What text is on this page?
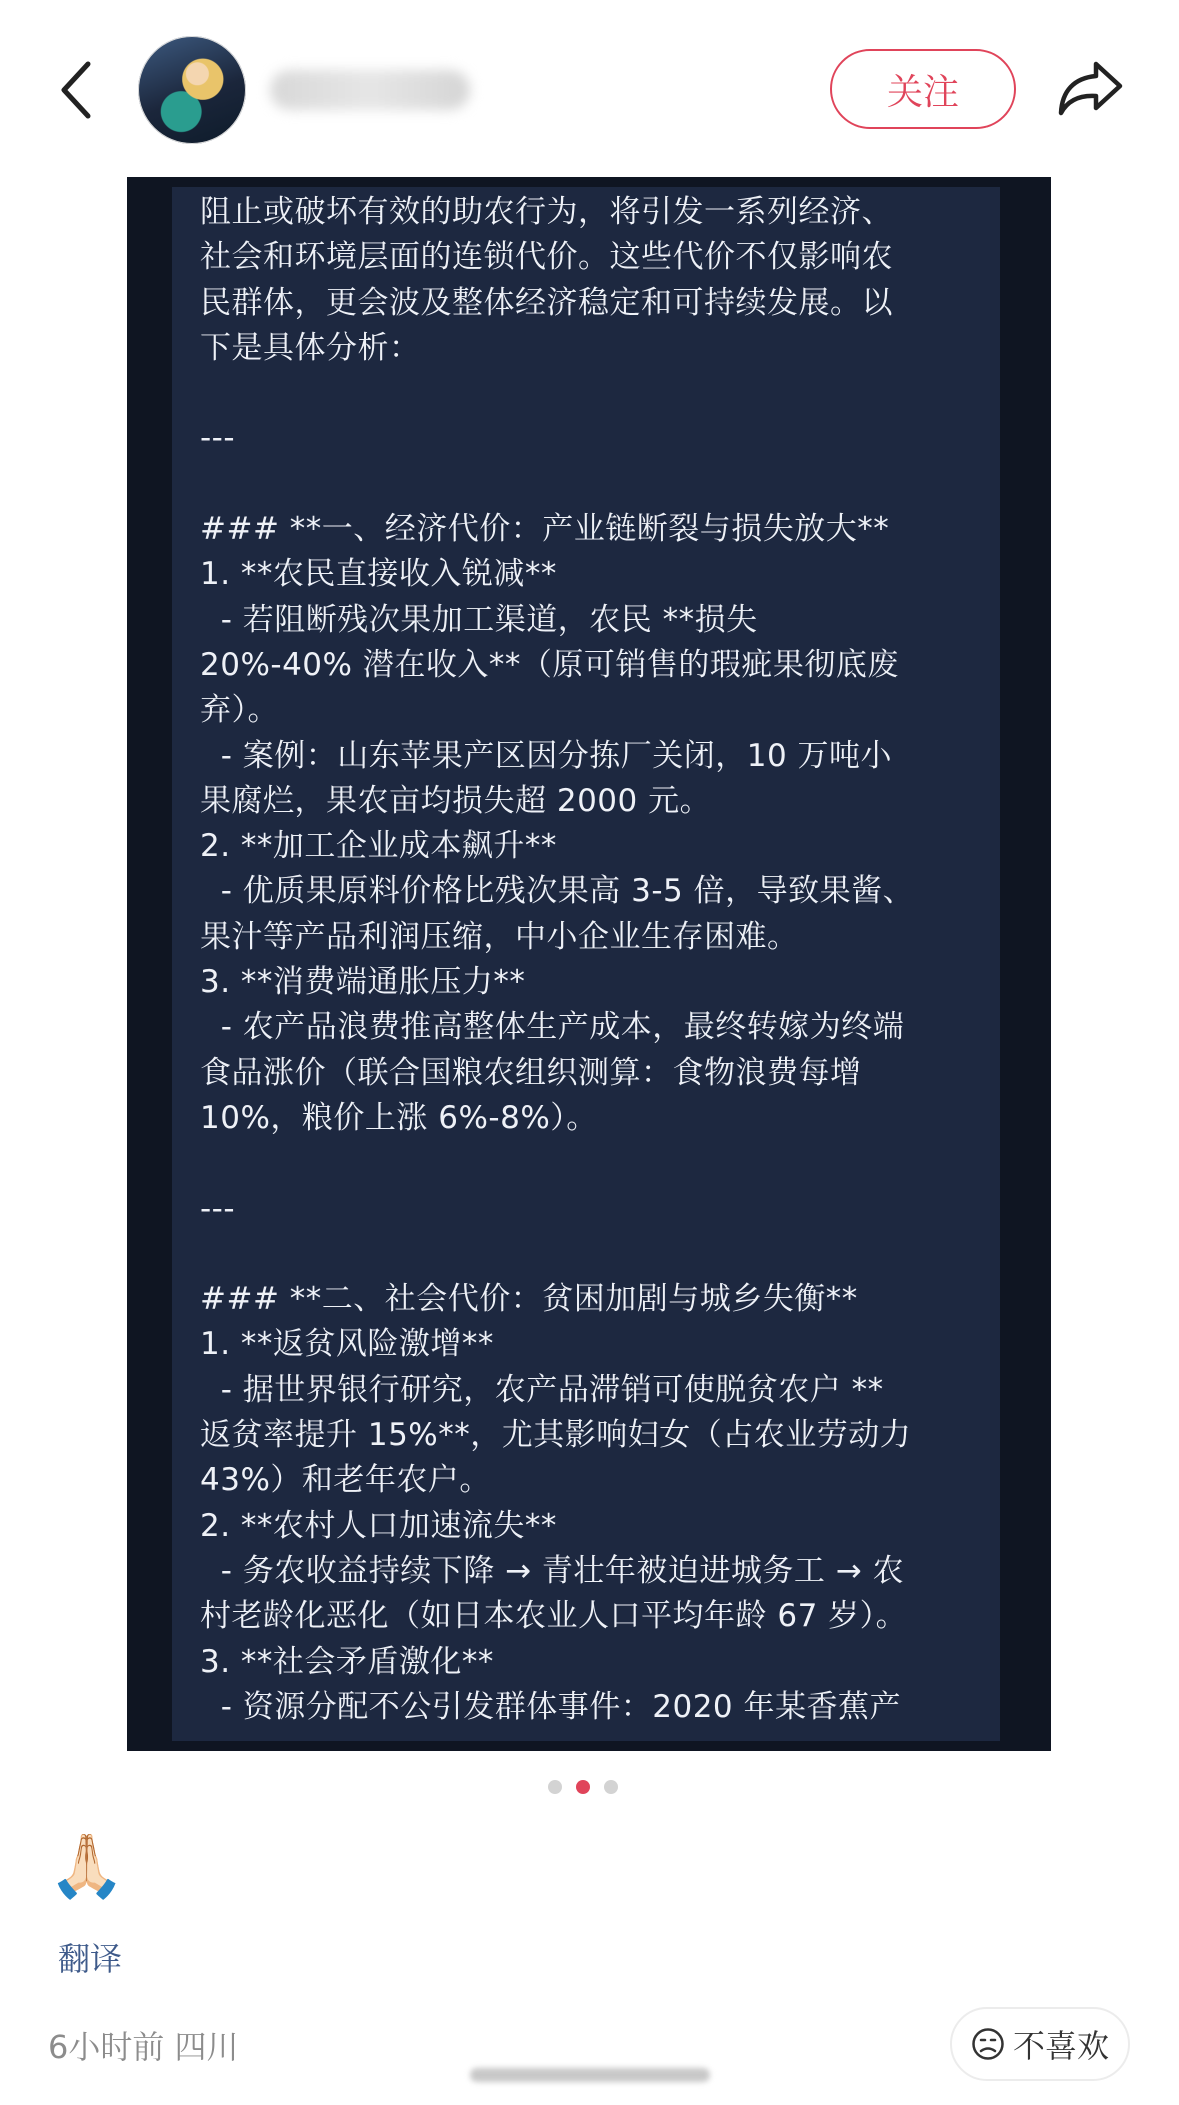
关注
阻止或破坏有效的助农行为，将引发一系列经济、
社会和环境层面的连锁代价。这些代价不仅影响农
民群体，更会波及整体经济稳定和可持续发展。以
下是具体分析：
---
### **一、经济代价：产业链断裂与损失放大**
1. **农民直接收入锐减**
- 若阻断残次果加工渠道，农民 **损失
20%-40% 潜在收入**（原可销售的瑕疵果彻底废
弃）。
- 案例：山东苹果产区因分拣厂关闭，10 万吨小
果腐烂，果农亩均损失超 2000 元。
2. **加工企业成本飙升**
- 优质果原料价格比残次果高 3-5 倍，导致果酱、
果汁等产品利润压缩，中小企业生存困难。
3. **消费端通胀压力**
- 农产品浪费推高整体生产成本，最终转嫁为终端
食品涨价（联合国粮农组织测算：食物浪费每增
10%，粮价上涨 6%-8%）。
---
### **二、社会代价：贫困加剧与城乡失衡**
1. **返贫风险激增**
- 据世界银行研究，农产品滞销可使脱贫农户 **
返贫率提升 15%**，尤其影响妇女（占农业劳动力
43%）和老年农户。
2. **农村人口加速流失**
- 务农收益持续下降 → 青壮年被迫进城务工 → 农
村老龄化恶化（如日本农业人口平均年龄 67 岁）。
3. **社会矛盾激化**
- 资源分配不公引发群体事件：2020 年某香蕉产
🙏🏻
翻译
6小时前 四川	不喜欢
